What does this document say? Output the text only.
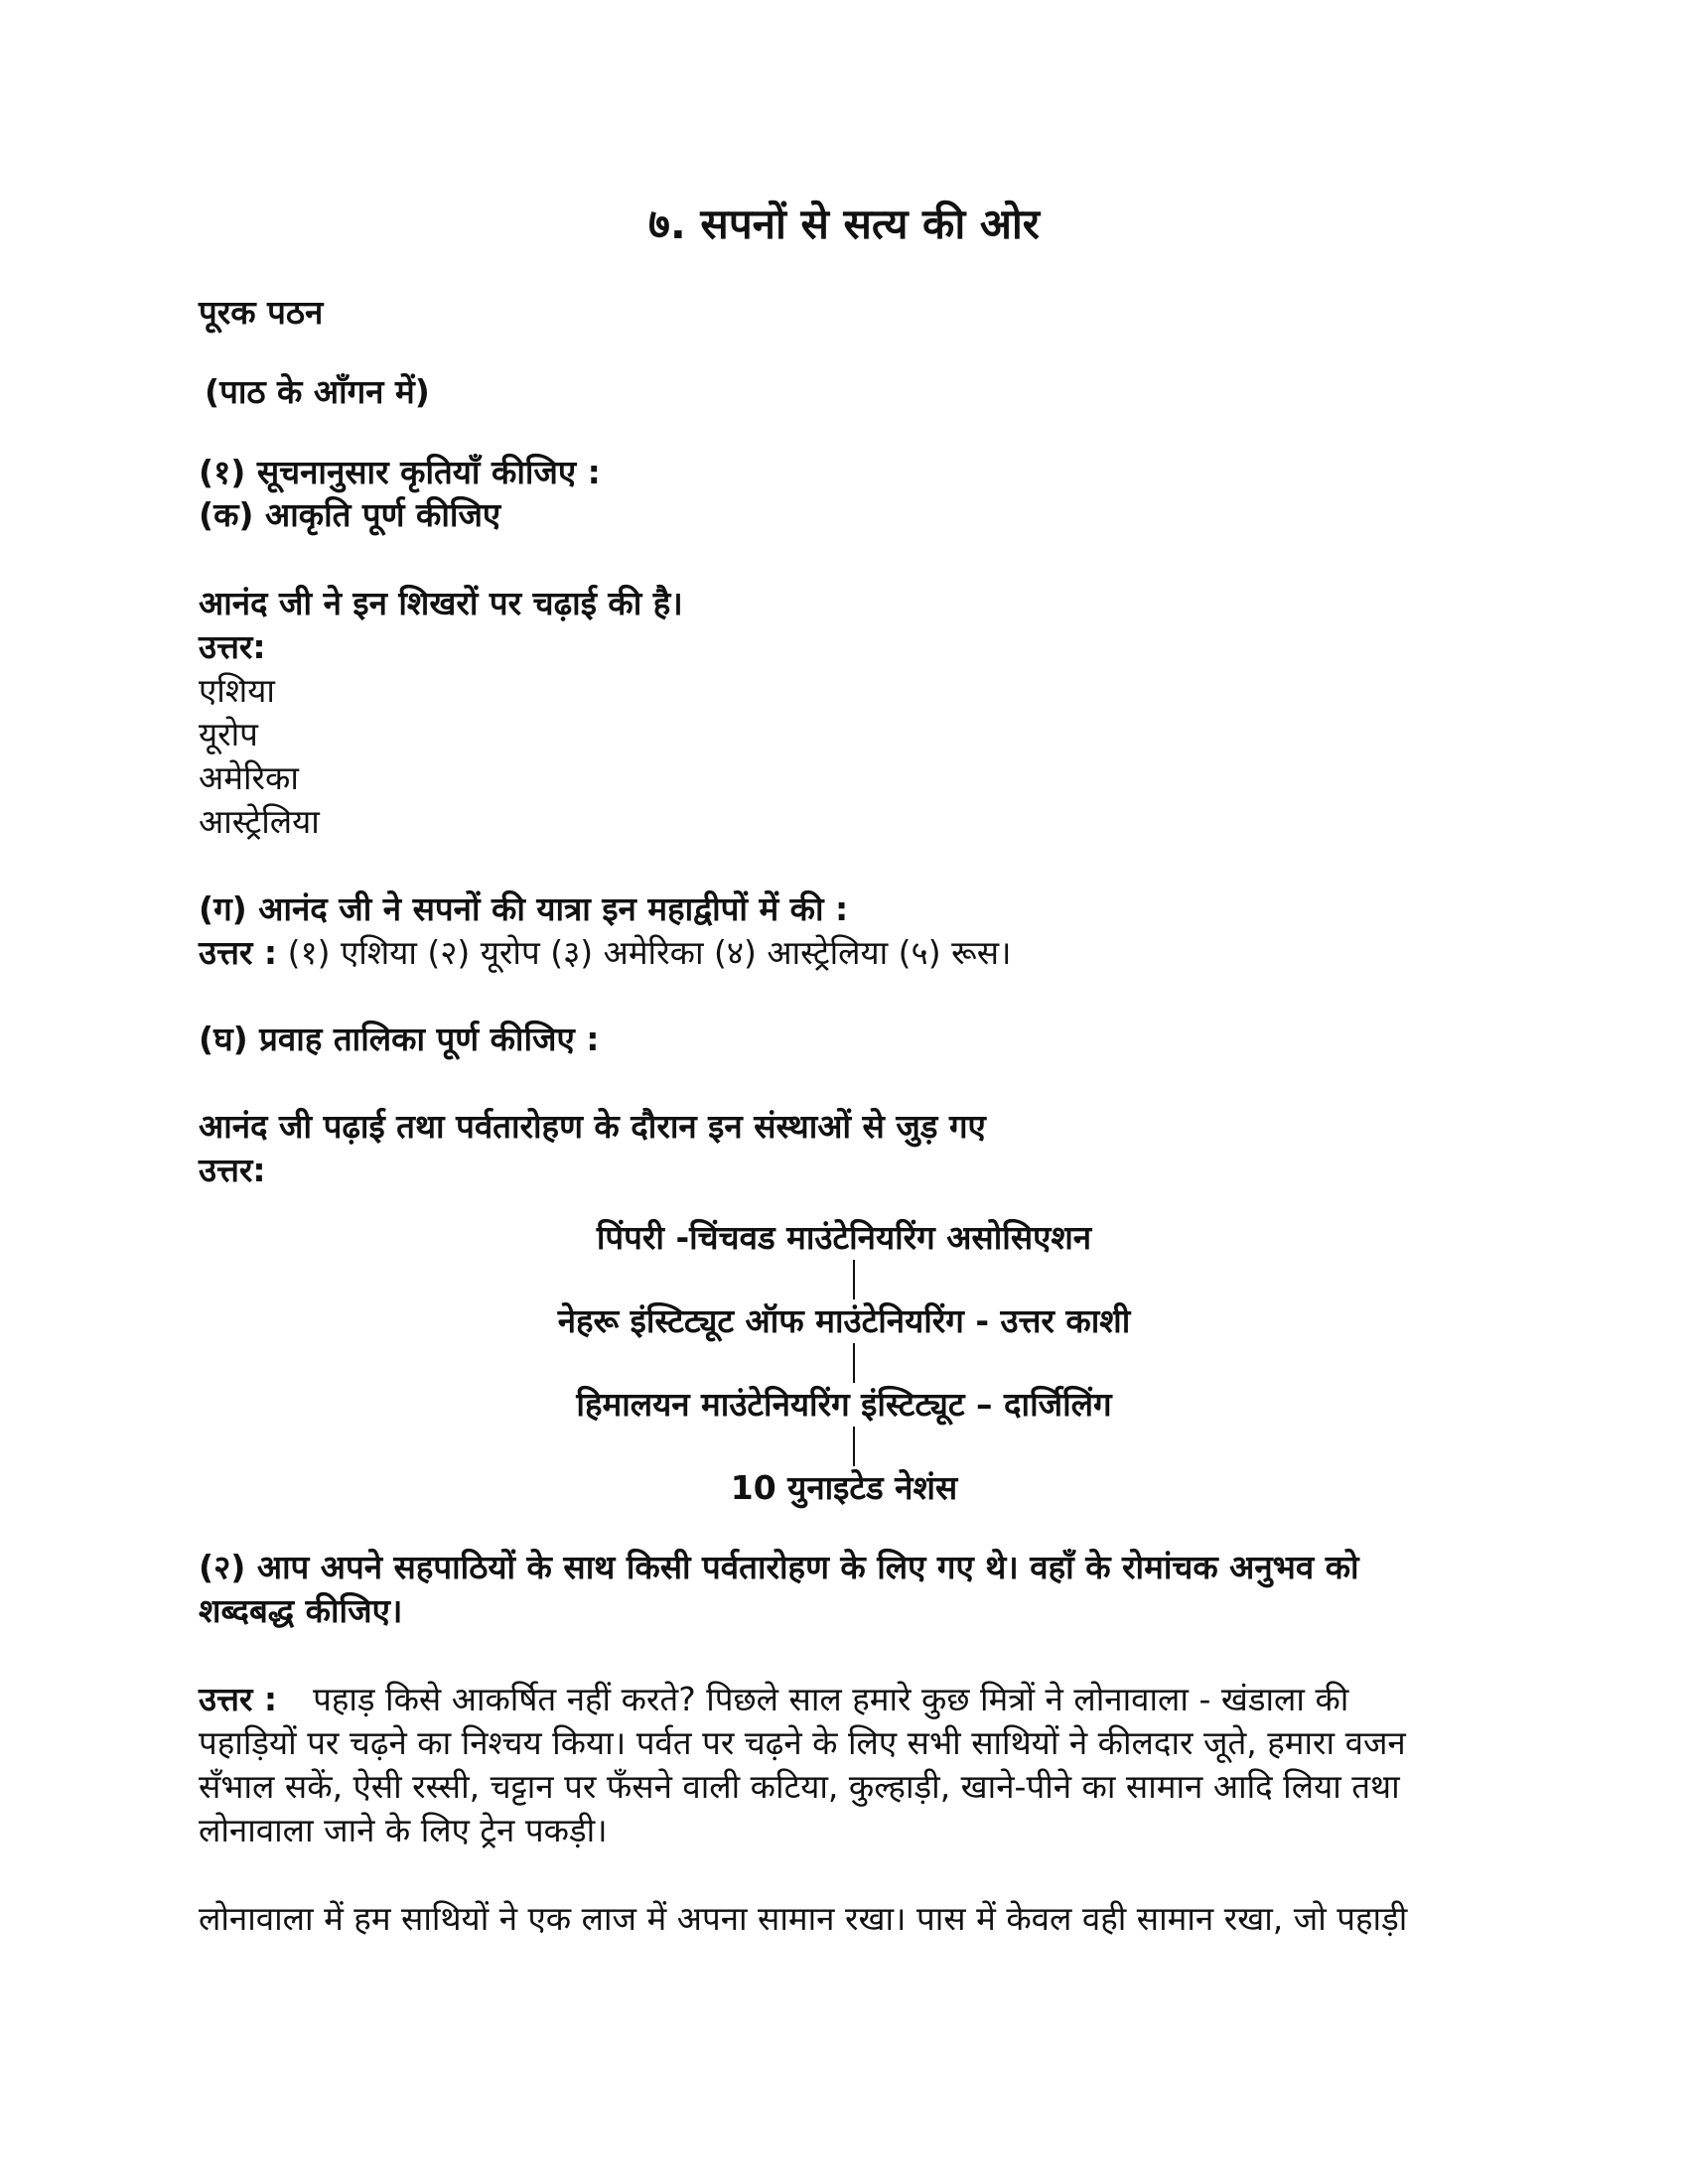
७. सपनों से सत्य की ओर
पूरक पठन
(पाठ के आँगन में)
(१) सूचनानुसार कृतियाँ कीजिए :
(क) आकृति पूर्ण कीजिए
आनंद जी ने इन शिखरों पर चढ़ाई की है।
उत्तर:
एशिया
यूरोप
अमेरिका
आस्ट्रेलिया
(ग) आनंद जी ने सपनों की यात्रा इन महाद्वीपों में की :
उत्तर : (१) एशिया (२) यूरोप (३) अमेरिका (४) आस्ट्रेलिया (५) रूस।
(घ) प्रवाह तालिका पूर्ण कीजिए :
आनंद जी पढ़ाई तथा पर्वतारोहण के दौरान इन संस्थाओं से जुड़ गए
उत्तर:
पिंपरी -चिंचवड माउंटेनियरिंग असोसिएशन
नेहरू इंस्टिट्यूट ऑफ माउंटेनियरिंग - उत्तर काशी
हिमालयन माउंटेनियरिंग इंस्टिट्यूट – दार्जिलिंग
10 युनाइटेड नेशंस
(२) आप अपने सहपाठियों के साथ किसी पर्वतारोहण के लिए गए थे। वहाँ के रोमांचक अनुभव को
शब्दबद्ध कीजिए।
उत्तर : पहाड़ किसे आकर्षित नहीं करते? पिछले साल हमारे कुछ मित्रों ने लोनावाला - खंडाला की
पहाड़ियों पर चढ़ने का निश्चय किया। पर्वत पर चढ़ने के लिए सभी साथियों ने कीलदार जूते, हमारा वजन
सँभाल सकें, ऐसी रस्सी, चट्टान पर फँसने वाली कटिया, कुल्हाड़ी, खाने-पीने का सामान आदि लिया तथा
लोनावाला जाने के लिए ट्रेन पकड़ी।
लोनावाला में हम साथियों ने एक लाज में अपना सामान रखा। पास में केवल वही सामान रखा, जो पहाड़ी
